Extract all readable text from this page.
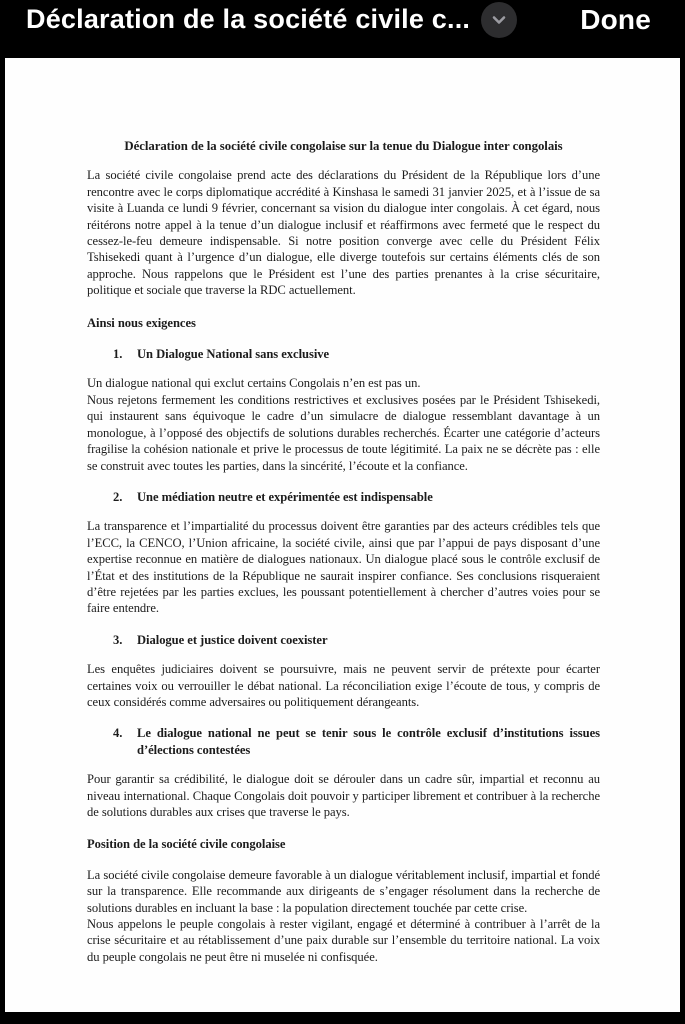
Déclaration de la société civile c...	Done
Déclaration de la société civile congolaise sur la tenue du Dialogue inter congolais

La société civile congolaise prend acte des déclarations du Président de la République lors d’une rencontre avec le corps diplomatique accrédité à Kinshasa le samedi 31 janvier 2025, et à l’issue de sa visite à Luanda ce lundi 9 février, concernant sa vision du dialogue inter congolais. À cet égard, nous réitérons notre appel à la tenue d’un dialogue inclusif et réaffirmons avec fermeté que le respect du cessez-le-feu demeure indispensable. Si notre position converge avec celle du Président Félix Tshisekedi quant à l’urgence d’un dialogue, elle diverge toutefois sur certains éléments clés de son approche. Nous rappelons que le Président est l’une des parties prenantes à la crise sécuritaire, politique et sociale que traverse la RDC actuellement.

Ainsi nous exigences
1. Un Dialogue National sans exclusive

Un dialogue national qui exclut certains Congolais n’en est pas un.

Nous rejetons fermement les conditions restrictives et exclusives posées par le Président Tshisekedi, qui instaurent sans équivoque le cadre d’un simulacre de dialogue ressemblant davantage à un monologue, à l’opposé des objectifs de solutions durables recherchés. Écarter une catégorie d’acteurs fragilise la cohésion nationale et prive le processus de toute légitimité. La paix ne se décrète pas : elle se construit avec toutes les parties, dans la sincérité, l’écoute et la confiance.

2. Une médiation neutre et expérimentée est indispensable

La transparence et l’impartialité du processus doivent être garanties par des acteurs crédibles tels que l’ECC, la CENCO, l’Union africaine, la société civile, ainsi que par l’appui de pays disposant d’une expertise reconnue en matière de dialogues nationaux. Un dialogue placé sous le contrôle exclusif de l’État et des institutions de la République ne saurait inspirer confiance. Ses conclusions risqueraient d’être rejetées par les parties exclues, les poussant potentiellement à chercher d’autres voies pour se faire entendre.

3. Dialogue et justice doivent coexister

Les enquêtes judiciaires doivent se poursuivre, mais ne peuvent servir de prétexte pour écarter certaines voix ou verrouiller le débat national. La réconciliation exige l’écoute de tous, y compris de ceux considérés comme adversaires ou politiquement dérangeants.

4. Le dialogue national ne peut se tenir sous le contrôle exclusif d’institutions issues d’élections contestées

Pour garantir sa crédibilité, le dialogue doit se dérouler dans un cadre sûr, impartial et reconnu au niveau international. Chaque Congolais doit pouvoir y participer librement et contribuer à la recherche de solutions durables aux crises que traverse le pays.

Position de la société civile congolaise

La société civile congolaise demeure favorable à un dialogue véritablement inclusif, impartial et fondé sur la transparence. Elle recommande aux dirigeants de s’engager résolument dans la recherche de solutions durables en incluant la base : la population directement touchée par cette crise.

Nous appelons le peuple congolais à rester vigilant, engagé et déterminé à contribuer à l’arrêt de la crise sécuritaire et au rétablissement d’une paix durable sur l’ensemble du territoire national. La voix du peuple congolais ne peut être ni muselée ni confisquée.
